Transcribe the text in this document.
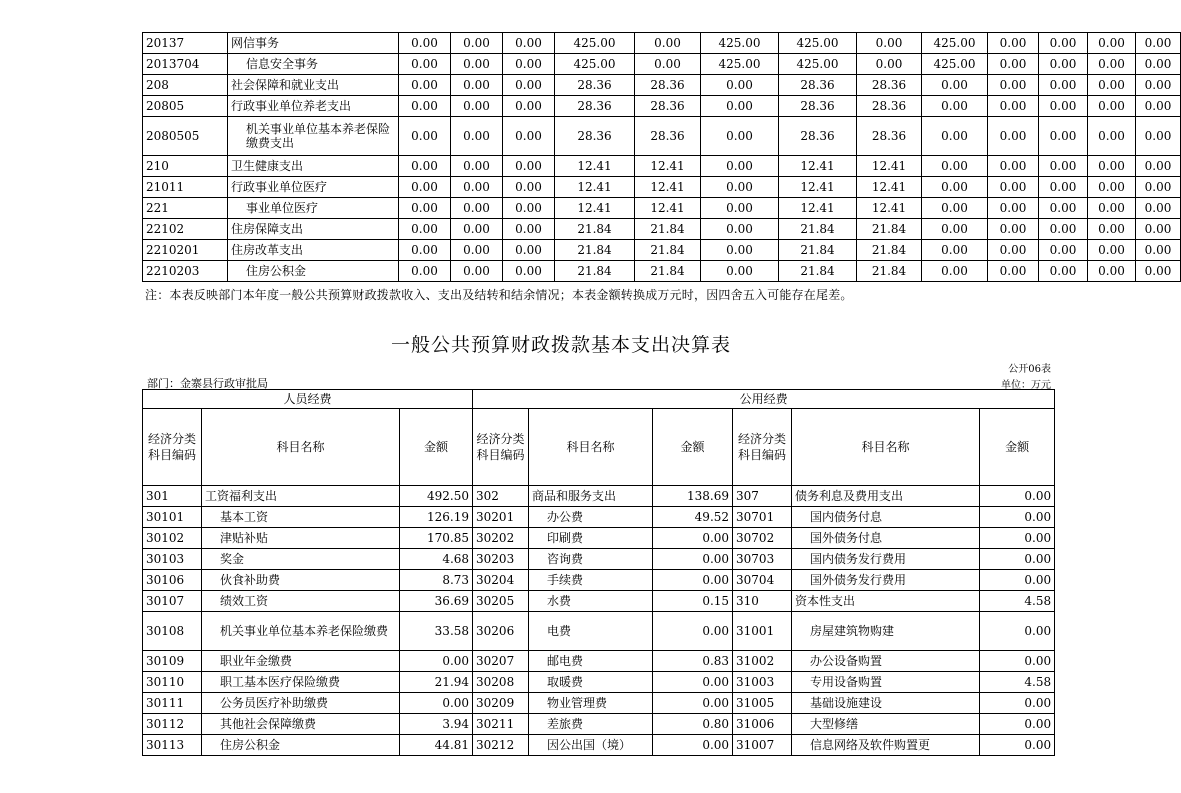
20137	网信事务	0.00	0.00	0.00	425.00	0.00	425.00	425.00	0.00	425.00	0.00	0.00	0.00	0.00
2013704	信息安全事务	0.00	0.00	0.00	425.00	0.00	425.00	425.00	0.00	425.00	0.00	0.00	0.00	0.00
208	社会保障和就业支出	0.00	0.00	0.00	28.36	28.36	0.00	28.36	28.36	0.00	0.00	0.00	0.00	0.00
20805	行政事业单位养老支出	0.00	0.00	0.00	28.36	28.36	0.00	28.36	28.36	0.00	0.00	0.00	0.00	0.00
2080505	机关事业单位基本养老保险缴费支出	0.00	0.00	0.00	28.36	28.36	0.00	28.36	28.36	0.00	0.00	0.00	0.00	0.00
210	卫生健康支出	0.00	0.00	0.00	12.41	12.41	0.00	12.41	12.41	0.00	0.00	0.00	0.00	0.00
21011	行政事业单位医疗	0.00	0.00	0.00	12.41	12.41	0.00	12.41	12.41	0.00	0.00	0.00	0.00	0.00
221	事业单位医疗	0.00	0.00	0.00	12.41	12.41	0.00	12.41	12.41	0.00	0.00	0.00	0.00	0.00
22102	住房保障支出	0.00	0.00	0.00	21.84	21.84	0.00	21.84	21.84	0.00	0.00	0.00	0.00	0.00
2210201	住房改革支出	0.00	0.00	0.00	21.84	21.84	0.00	21.84	21.84	0.00	0.00	0.00	0.00	0.00
2210203	住房公积金	0.00	0.00	0.00	21.84	21.84	0.00	21.84	21.84	0.00	0.00	0.00	0.00	0.00
注：本表反映部门本年度一般公共预算财政拨款收入、支出及结转和结余情况；本表金额转换成万元时，因四舍五入可能存在尾差。
一般公共预算财政拨款基本支出决算表
公开06表
单位：万元
部门：金寨县行政审批局
人员经费			公用经费					
经济分类科目编码	科目名称	金额	经济分类科目编码	科目名称	金额	经济分类科目编码	科目名称	金额
301	工资福利支出	492.50	302	商品和服务支出	138.69	307	债务利息及费用支出	0.00
30101	基本工资	126.19	30201	办公费	49.52	30701	国内债务付息	0.00
30102	津贴补贴	170.85	30202	印刷费	0.00	30702	国外债务付息	0.00
30103	奖金	4.68	30203	咨询费	0.00	30703	国内债务发行费用	0.00
30106	伙食补助费	8.73	30204	手续费	0.00	30704	国外债务发行费用	0.00
30107	绩效工资	36.69	30205	水费	0.15	310	资本性支出	4.58
30108	机关事业单位基本养老保险缴费	33.58	30206	电费	0.00	31001	房屋建筑物购建	0.00
30109	职业年金缴费	0.00	30207	邮电费	0.83	31002	办公设备购置	0.00
30110	职工基本医疗保险缴费	21.94	30208	取暖费	0.00	31003	专用设备购置	4.58
30111	公务员医疗补助缴费	0.00	30209	物业管理费	0.00	31005	基础设施建设	0.00
30112	其他社会保障缴费	3.94	30211	差旅费	0.80	31006	大型修缮	0.00
30113	住房公积金	44.81	30212	因公出国（境）	0.00	31007	信息网络及软件购置更	0.00
